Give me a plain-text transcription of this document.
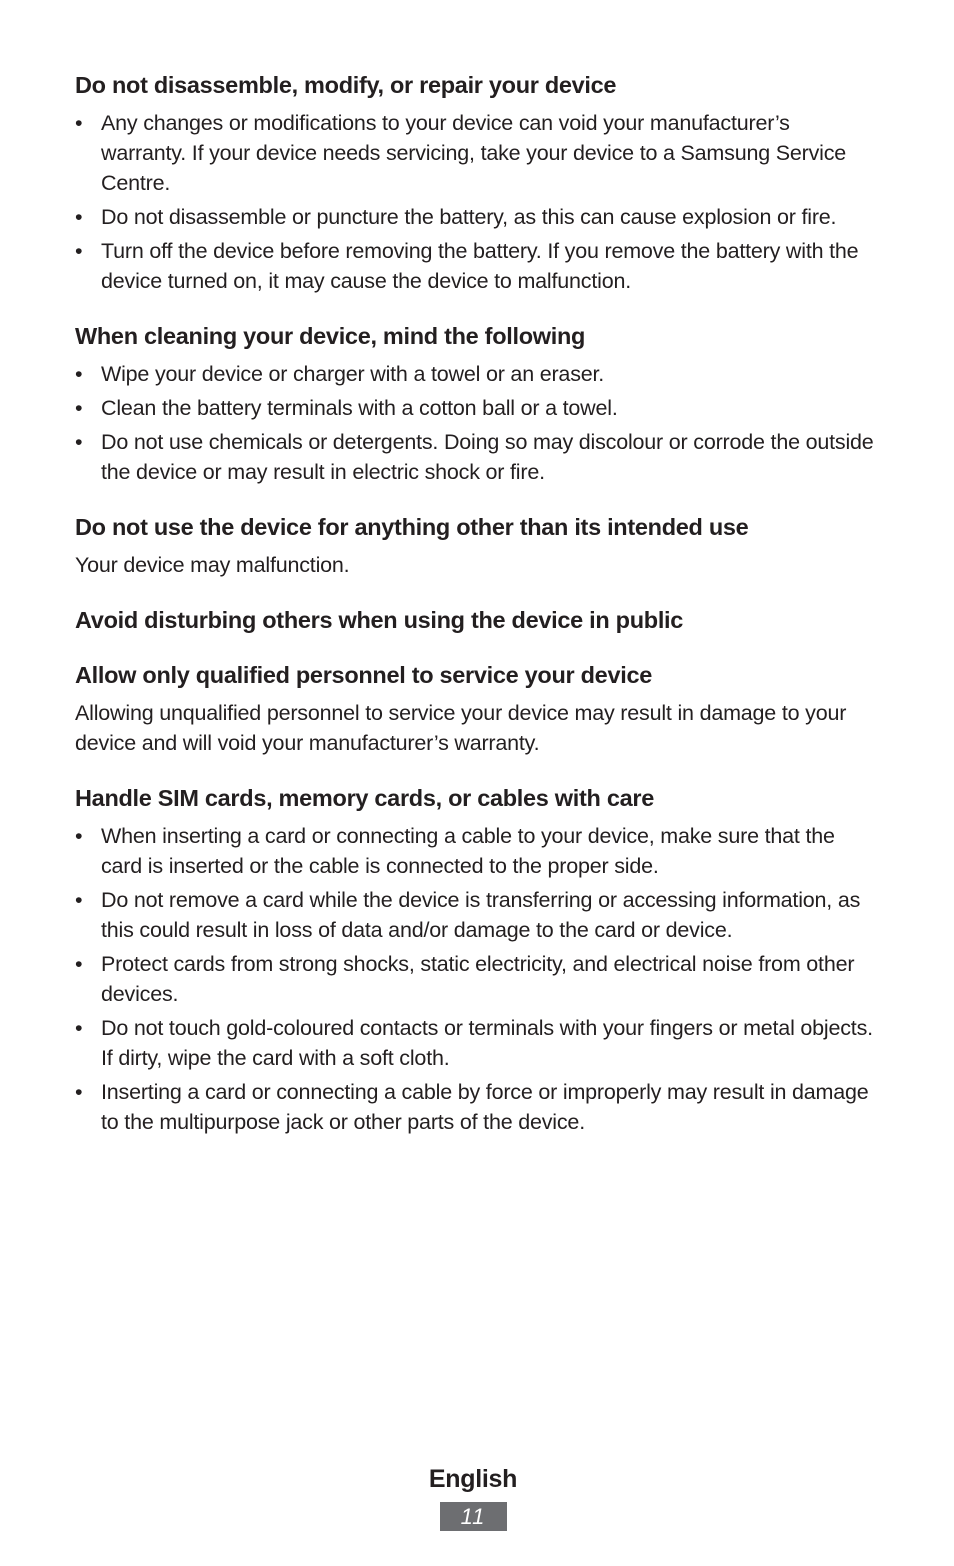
Do not disassemble, modify, or repair your device
• Any changes or modifications to your device can void your manufacturer’s warranty. If your device needs servicing, take your device to a Samsung Service Centre.
• Do not disassemble or puncture the battery, as this can cause explosion or fire.
• Turn off the device before removing the battery. If you remove the battery with the device turned on, it may cause the device to malfunction.
When cleaning your device, mind the following
• Wipe your device or charger with a towel or an eraser.
• Clean the battery terminals with a cotton ball or a towel.
• Do not use chemicals or detergents. Doing so may discolour or corrode the outside the device or may result in electric shock or fire.
Do not use the device for anything other than its intended use

Your device may malfunction.

Avoid disturbing others when using the device in public
Allow only qualified personnel to service your device

Allowing unqualified personnel to service your device may result in damage to your device and will void your manufacturer’s warranty.

Handle SIM cards, memory cards, or cables with care
• When inserting a card or connecting a cable to your device, make sure that the card is inserted or the cable is connected to the proper side.
• Do not remove a card while the device is transferring or accessing information, as this could result in loss of data and/or damage to the card or device.
• Protect cards from strong shocks, static electricity, and electrical noise from other devices.
• Do not touch gold-coloured contacts or terminals with your fingers or metal objects. If dirty, wipe the card with a soft cloth.
• Inserting a card or connecting a cable by force or improperly may result in damage to the multipurpose jack or other parts of the device.
English
11
